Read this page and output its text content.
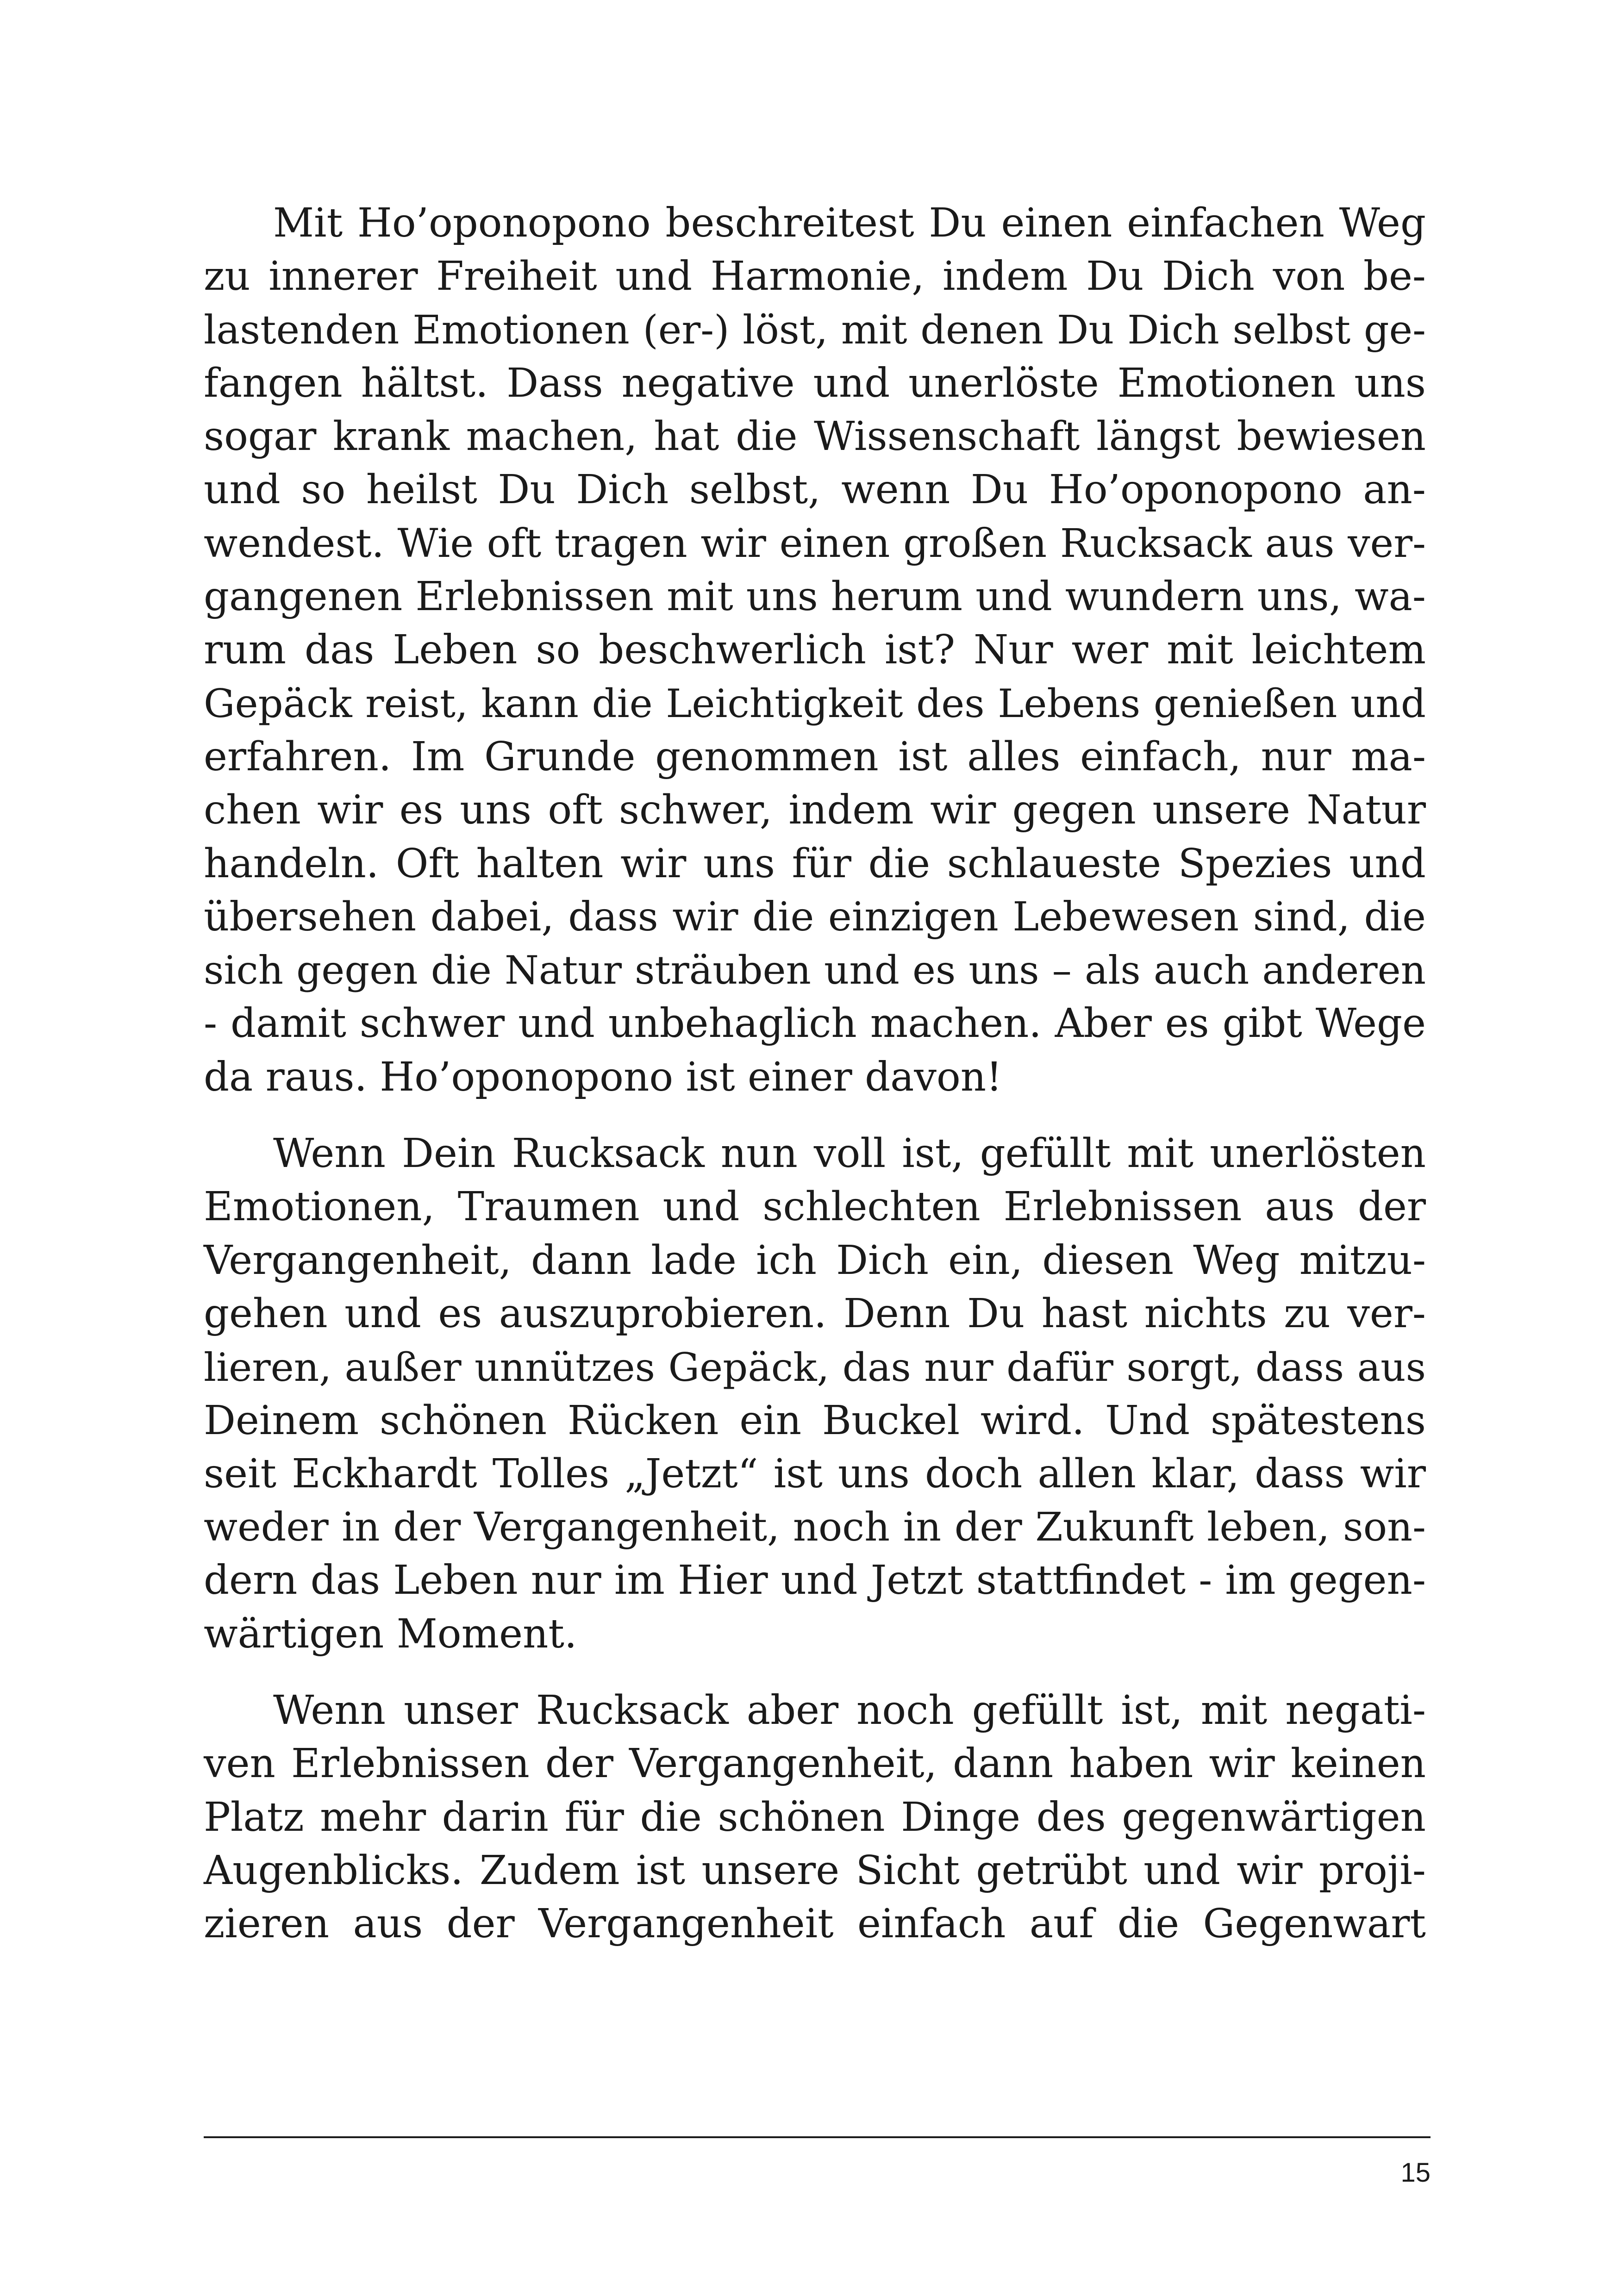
Mit Ho’oponopono beschreitest Du einen einfachen Weg
zu innerer Freiheit und Harmonie, indem Du Dich von be-
lastenden Emotionen (er-) löst, mit denen Du Dich selbst ge-
fangen hältst. Dass negative und unerlöste Emotionen uns
sogar krank machen, hat die Wissenschaft längst bewiesen
und so heilst Du Dich selbst, wenn Du Ho’oponopono an-
wendest. Wie oft tragen wir einen großen Rucksack aus ver-
gangenen Erlebnissen mit uns herum und wundern uns, wa-
rum das Leben so beschwerlich ist? Nur wer mit leichtem
Gepäck reist, kann die Leichtigkeit des Lebens genießen und
erfahren. Im Grunde genommen ist alles einfach, nur ma-
chen wir es uns oft schwer, indem wir gegen unsere Natur
handeln. Oft halten wir uns für die schlaueste Spezies und
übersehen dabei, dass wir die einzigen Lebewesen sind, die
sich gegen die Natur sträuben und es uns – als auch anderen
- damit schwer und unbehaglich machen. Aber es gibt Wege
da raus. Ho’oponopono ist einer davon!
Wenn Dein Rucksack nun voll ist, gefüllt mit unerlösten
Emotionen, Traumen und schlechten Erlebnissen aus der
Vergangenheit, dann lade ich Dich ein, diesen Weg mitzu-
gehen und es auszuprobieren. Denn Du hast nichts zu ver-
lieren, außer unnützes Gepäck, das nur dafür sorgt, dass aus
Deinem schönen Rücken ein Buckel wird. Und spätestens
seit Eckhardt Tolles „Jetzt“ ist uns doch allen klar, dass wir
weder in der Vergangenheit, noch in der Zukunft leben, son-
dern das Leben nur im Hier und Jetzt stattfindet - im gegen-
wärtigen Moment.
Wenn unser Rucksack aber noch gefüllt ist, mit negati-
ven Erlebnissen der Vergangenheit, dann haben wir keinen
Platz mehr darin für die schönen Dinge des gegenwärtigen
Augenblicks. Zudem ist unsere Sicht getrübt und wir proji-
zieren aus der Vergangenheit einfach auf die Gegenwart
15
